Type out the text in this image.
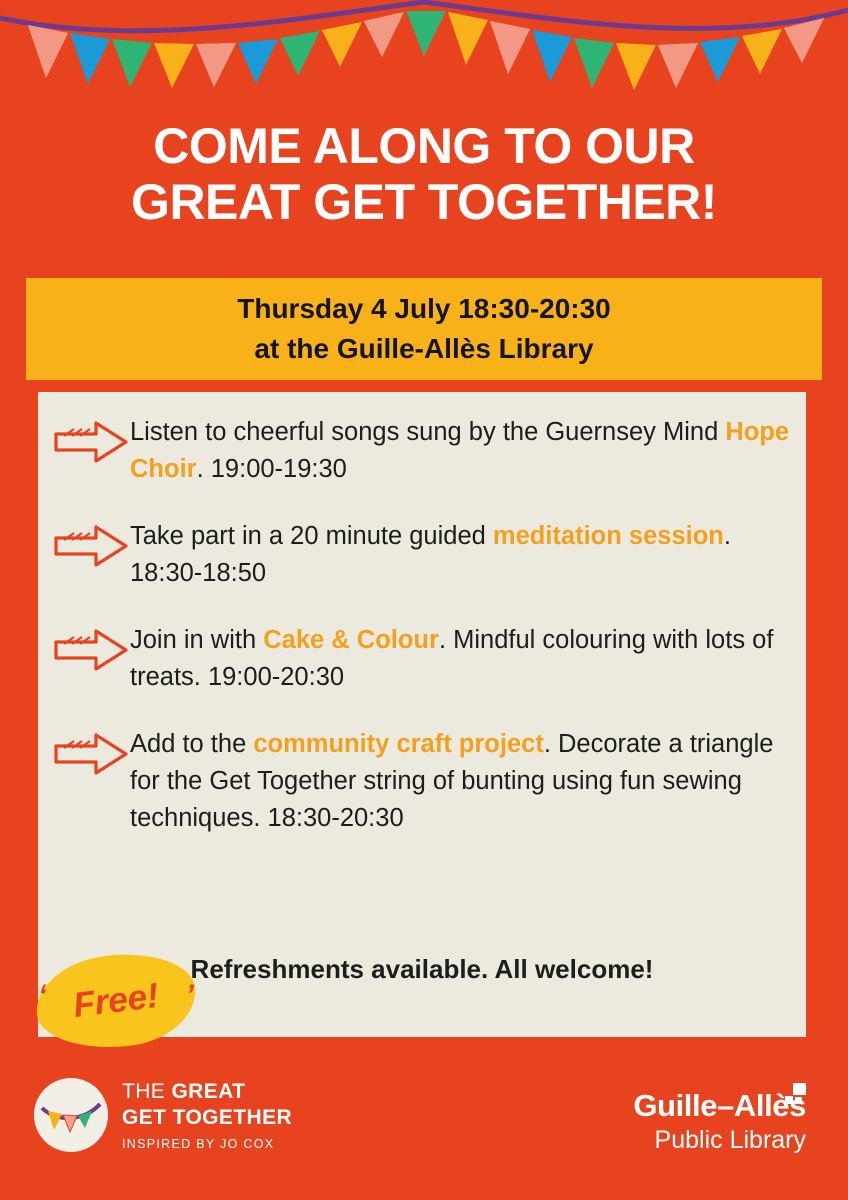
COME ALONG TO OUR
GREAT GET TOGETHER!
Thursday 4 July 18:30-20:30
at the Guille-Allès Library
Listen to cheerful songs sung by the Guernsey Mind Hope Choir. 19:00-19:30
Take part in a 20 minute guided meditation session. 18:30-18:50
Join in with Cake & Colour. Mindful colouring with lots of treats. 19:00-20:30
Add to the community craft project. Decorate a triangle for the Get Together string of bunting using fun sewing techniques. 18:30-20:30
Refreshments available. All welcome!
‘ Free! ’
THE GREAT
GET TOGETHER
INSPIRED BY JO COX
Guille–Allès
Public Library
